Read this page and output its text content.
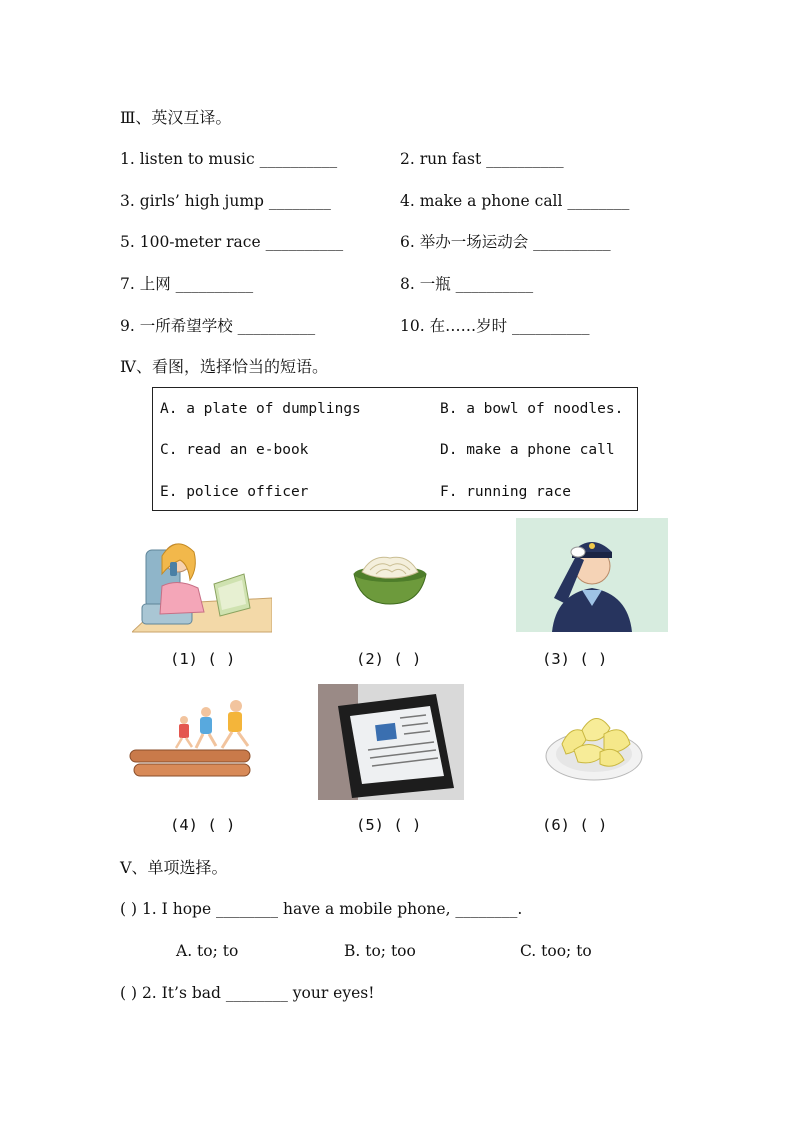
Ⅲ、英汉互译。
1. listen to music __________	2. run fast __________
3. girls’ high jump ________	4. make a phone call ________
5. 100-meter race __________	6. 举办一场运动会 __________
7. 上网 __________	8. 一瓶 __________
9. 一所希望学校 __________	10. 在……岁时 __________
Ⅳ、看图，选择恰当的短语。
A. a plate of dumplings	B. a bowl of noodles.
C. read an e-book	D. make a phone call
E. police officer	F. running race
(1) ( )	(2) ( )	(3) ( )
(4) ( )	(5) ( )	(6) ( )
Ⅴ、单项选择。
( ) 1. I hope ________ have a mobile phone, ________.
A. to; to	B. to; too	C. too; to
( ) 2. It’s bad ________ your eyes!
